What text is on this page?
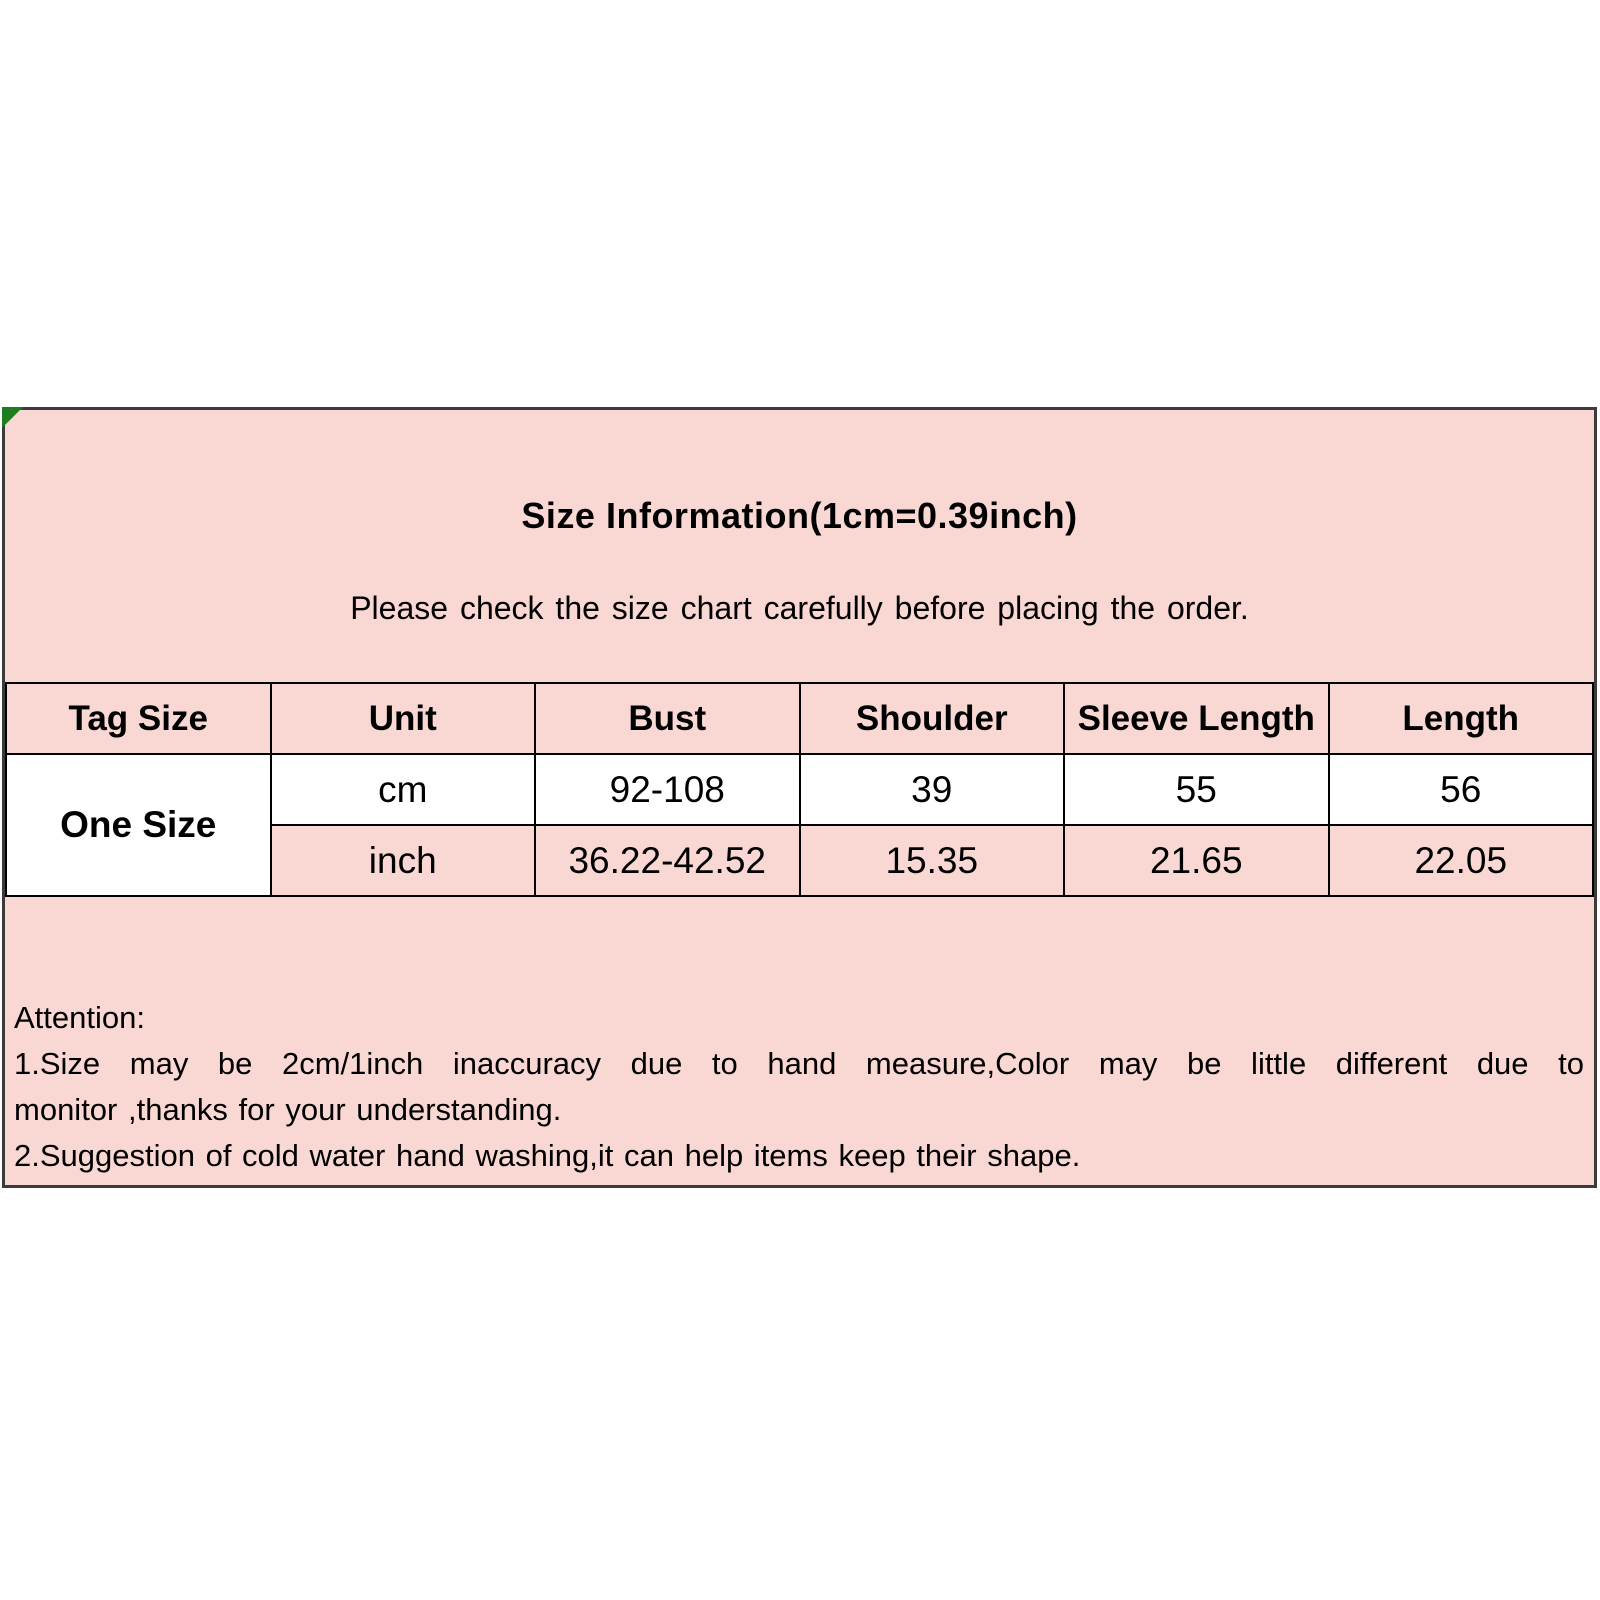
Size Information(1cm=0.39inch)
Please check the size chart carefully before placing the order.
Tag Size	Unit	Bust	Shoulder	Sleeve Length	Length
One Size	cm	92-108	39	55	56
	inch	36.22-42.52	15.35	21.65	22.05
Attention:
1.Size may be 2cm/1inch inaccuracy due to hand measure,Color may be little different due to
monitor ,thanks for your understanding.
2.Suggestion of cold water hand washing,it can help items keep their shape.
